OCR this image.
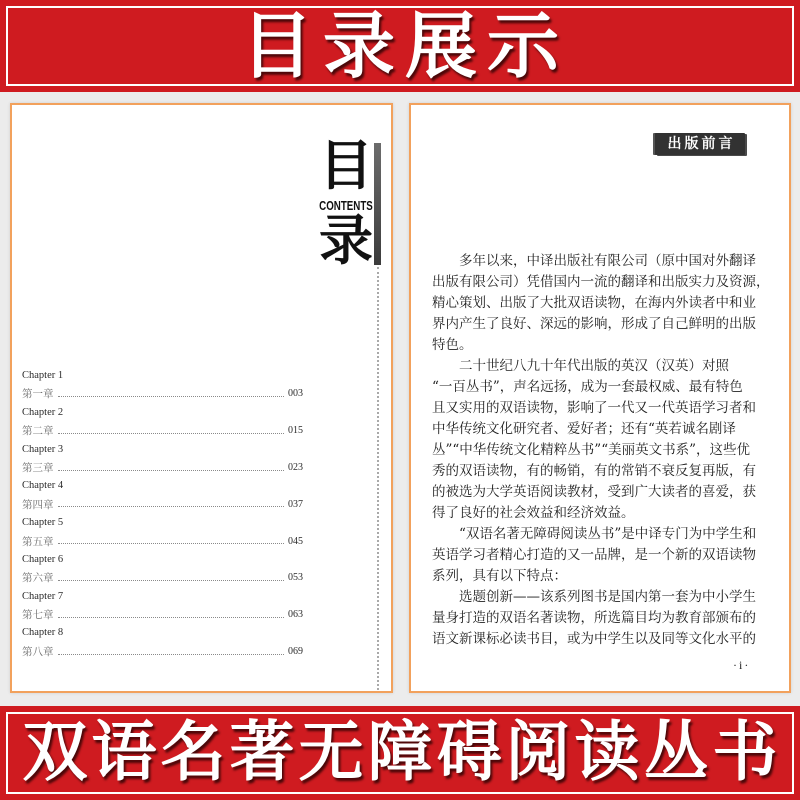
目录展示
目
CONTENTS
录
Chapter 1
第一章	003
Chapter 2
第二章	015
Chapter 3
第三章	023
Chapter 4
第四章	037
Chapter 5
第五章	045
Chapter 6
第六章	053
Chapter 7
第七章	063
Chapter 8
第八章	069
出版前言
多年以来，中译出版社有限公司（原中国对外翻译
出版有限公司）凭借国内一流的翻译和出版实力及资源，
精心策划、出版了大批双语读物，在海内外读者中和业
界内产生了良好、深远的影响，形成了自己鲜明的出版
特色。
二十世纪八九十年代出版的英汉（汉英）对照
“一百丛书”，声名远扬，成为一套最权威、最有特色
且又实用的双语读物，影响了一代又一代英语学习者和
中华传统文化研究者、爱好者；还有“英若诚名剧译
丛”“中华传统文化精粹丛书”“美丽英文书系”，这些优
秀的双语读物，有的畅销，有的常销不衰反复再版，有
的被选为大学英语阅读教材，受到广大读者的喜爱，获
得了良好的社会效益和经济效益。
“双语名著无障碍阅读丛书”是中译专门为中学生和
英语学习者精心打造的又一品牌，是一个新的双语读物
系列，具有以下特点：
选题创新——该系列图书是国内第一套为中小学生
量身打造的双语名著读物，所选篇目均为教育部颁布的
语文新课标必读书目，或为中学生以及同等文化水平的
·i·
双语名著无障碍阅读丛书
